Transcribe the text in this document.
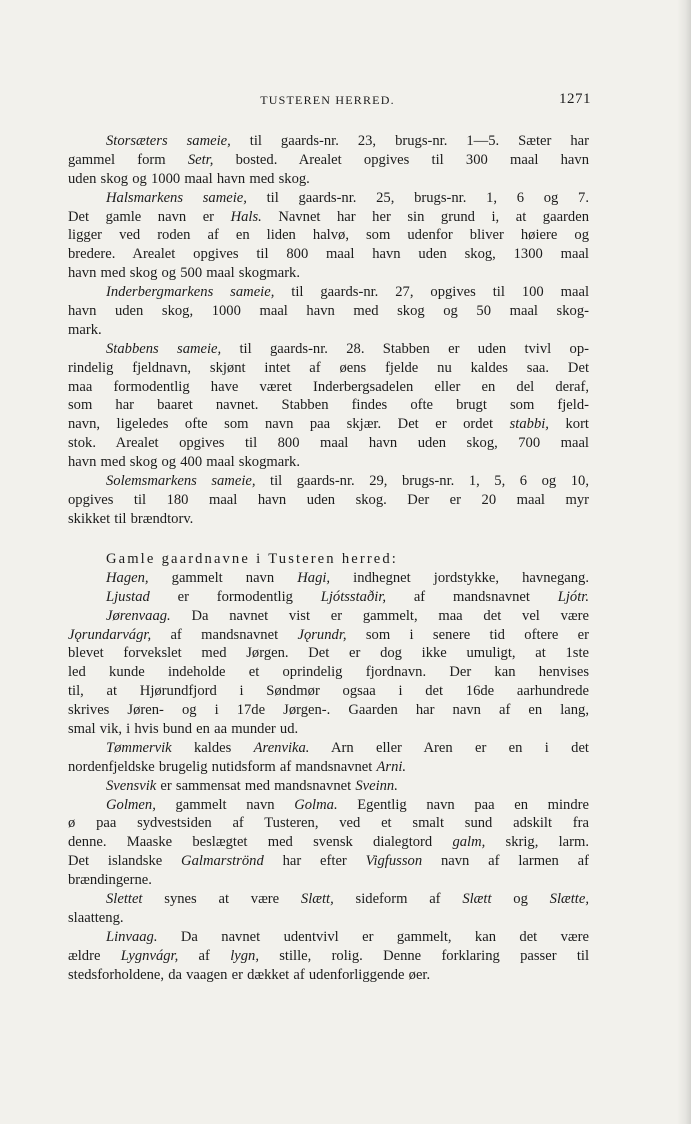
TUSTEREN HERRED.	1271
Storsæters sameie, til gaards-nr. 23, brugs-nr. 1—5. Sæter har
gammel form Setr, bosted. Arealet opgives til 300 maal havn
uden skog og 1000 maal havn med skog.
Halsmarkens sameie, til gaards-nr. 25, brugs-nr. 1, 6 og 7.
Det gamle navn er Hals. Navnet har her sin grund i, at gaarden
ligger ved roden af en liden halvø, som udenfor bliver høiere og
bredere. Arealet opgives til 800 maal havn uden skog, 1300 maal
havn med skog og 500 maal skogmark.
Inderbergmarkens sameie, til gaards-nr. 27, opgives til 100 maal
havn uden skog, 1000 maal havn med skog og 50 maal skog-
mark.
Stabbens sameie, til gaards-nr. 28. Stabben er uden tvivl op-
rindelig fjeldnavn, skjønt intet af øens fjelde nu kaldes saa. Det
maa formodentlig have været Inderbergsadelen eller en del deraf,
som har baaret navnet. Stabben findes ofte brugt som fjeld-
navn, ligeledes ofte som navn paa skjær. Det er ordet stabbi, kort
stok. Arealet opgives til 800 maal havn uden skog, 700 maal
havn med skog og 400 maal skogmark.
Solemsmarkens sameie, til gaards-nr. 29, brugs-nr. 1, 5, 6 og 10,
opgives til 180 maal havn uden skog. Der er 20 maal myr
skikket til brændtorv.
Gamle gaardnavne i Tusteren herred:
Hagen, gammelt navn Hagi, indhegnet jordstykke, havnegang.
Ljustad er formodentlig Ljótsstaðir, af mandsnavnet Ljótr.
Jørenvaag. Da navnet vist er gammelt, maa det vel være
Jǫrundarvágr, af mandsnavnet Jǫrundr, som i senere tid oftere er
blevet forvekslet med Jørgen. Det er dog ikke umuligt, at 1ste
led kunde indeholde et oprindelig fjordnavn. Der kan henvises
til, at Hjørundfjord i Søndmør ogsaa i det 16de aarhundrede
skrives Jøren- og i 17de Jørgen-. Gaarden har navn af en lang,
smal vik, i hvis bund en aa munder ud.
Tømmervik kaldes Arenvika. Arn eller Aren er en i det
nordenfjeldske brugelig nutidsform af mandsnavnet Arni.
Svensvik er sammensat med mandsnavnet Sveinn.
Golmen, gammelt navn Golma. Egentlig navn paa en mindre
ø paa sydvestsiden af Tusteren, ved et smalt sund adskilt fra
denne. Maaske beslægtet med svensk dialegtord galm, skrig, larm.
Det islandske Galmarströnd har efter Vigfusson navn af larmen af
brændingerne.
Slettet synes at være Slætt, sideform af Slætt og Slætte,
slaatteng.
Linvaag. Da navnet udentvivl er gammelt, kan det være
ældre Lygnvágr, af lygn, stille, rolig. Denne forklaring passer til
stedsforholdene, da vaagen er dækket af udenforliggende øer.
